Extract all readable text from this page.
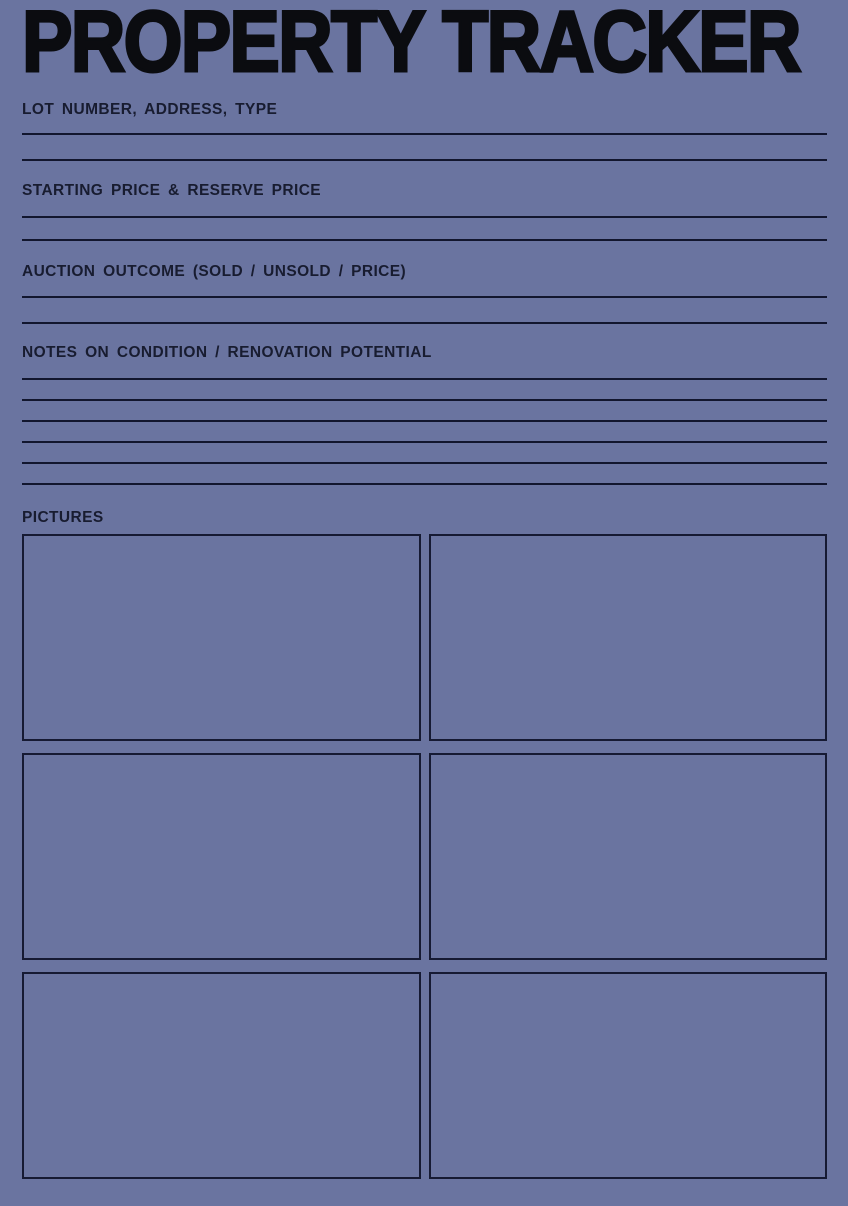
PROPERTY TRACKER
LOT NUMBER, ADDRESS, TYPE
STARTING PRICE & RESERVE PRICE
AUCTION OUTCOME (SOLD / UNSOLD / PRICE)
NOTES ON CONDITION / RENOVATION POTENTIAL
PICTURES
